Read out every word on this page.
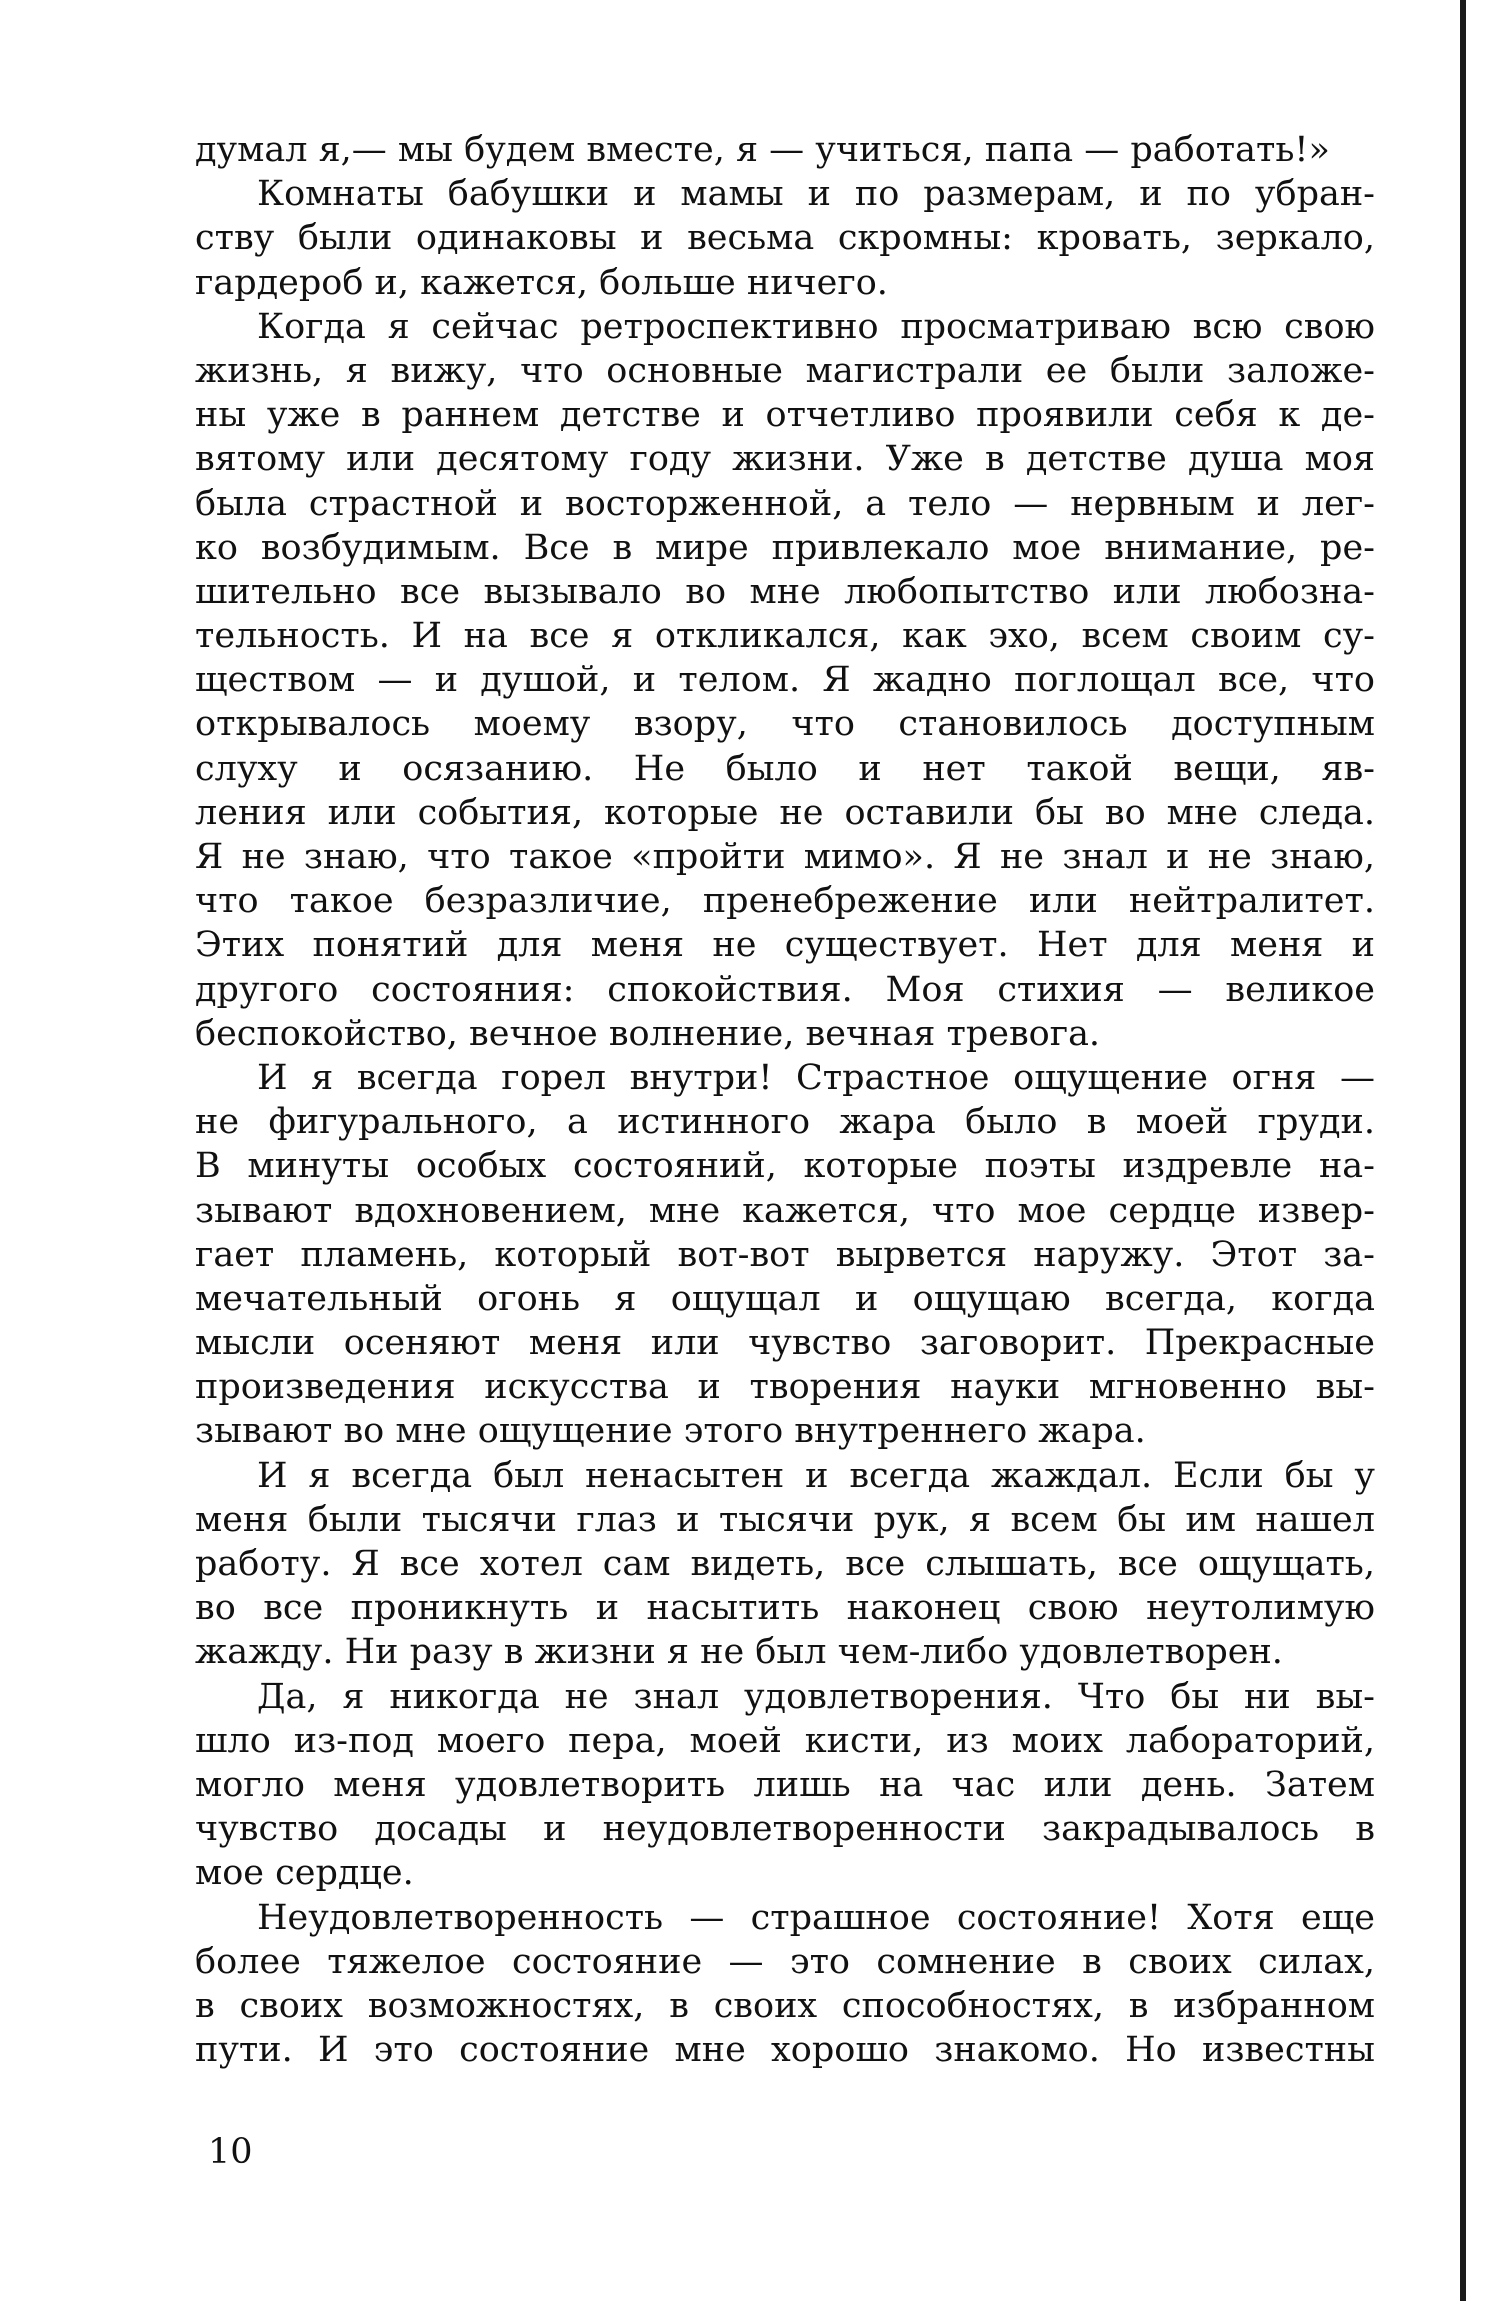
думал я,— мы будем вместе, я — учиться, папа — работать!»
Комнаты бабушки и мамы и по размерам, и по убран-
ству были одинаковы и весьма скромны: кровать, зеркало,
гардероб и, кажется, больше ничего.
Когда я сейчас ретроспективно просматриваю всю свою
жизнь, я вижу, что основные магистрали ее были заложе-
ны уже в раннем детстве и отчетливо проявили себя к де-
вятому или десятому году жизни. Уже в детстве душа моя
была страстной и восторженной, а тело — нервным и лег-
ко возбудимым. Все в мире привлекало мое внимание, ре-
шительно все вызывало во мне любопытство или любозна-
тельность. И на все я откликался, как эхо, всем своим су-
ществом — и душой, и телом. Я жадно поглощал все, что
открывалось моему взору, что становилось доступным
слуху и осязанию. Не было и нет такой вещи, яв-
ления или события, которые не оставили бы во мне следа.
Я не знаю, что такое «пройти мимо». Я не знал и не знаю,
что такое безразличие, пренебрежение или нейтралитет.
Этих понятий для меня не существует. Нет для меня и
другого состояния: спокойствия. Моя стихия — великое
беспокойство, вечное волнение, вечная тревога.
И я всегда горел внутри! Страстное ощущение огня —
не фигурального, а истинного жара было в моей груди.
В минуты особых состояний, которые поэты издревле на-
зывают вдохновением, мне кажется, что мое сердце извер-
гает пламень, который вот-вот вырвется наружу. Этот за-
мечательный огонь я ощущал и ощущаю всегда, когда
мысли осеняют меня или чувство заговорит. Прекрасные
произведения искусства и творения науки мгновенно вы-
зывают во мне ощущение этого внутреннего жара.
И я всегда был ненасытен и всегда жаждал. Если бы у
меня были тысячи глаз и тысячи рук, я всем бы им нашел
работу. Я все хотел сам видеть, все слышать, все ощущать,
во все проникнуть и насытить наконец свою неутолимую
жажду. Ни разу в жизни я не был чем-либо удовлетворен.
Да, я никогда не знал удовлетворения. Что бы ни вы-
шло из-под моего пера, моей кисти, из моих лабораторий,
могло меня удовлетворить лишь на час или день. Затем
чувство досады и неудовлетворенности закрадывалось в
мое сердце.
Неудовлетворенность — страшное состояние! Хотя еще
более тяжелое состояние — это сомнение в своих силах,
в своих возможностях, в своих способностях, в избранном
пути. И это состояние мне хорошо знакомо. Но известны
10
